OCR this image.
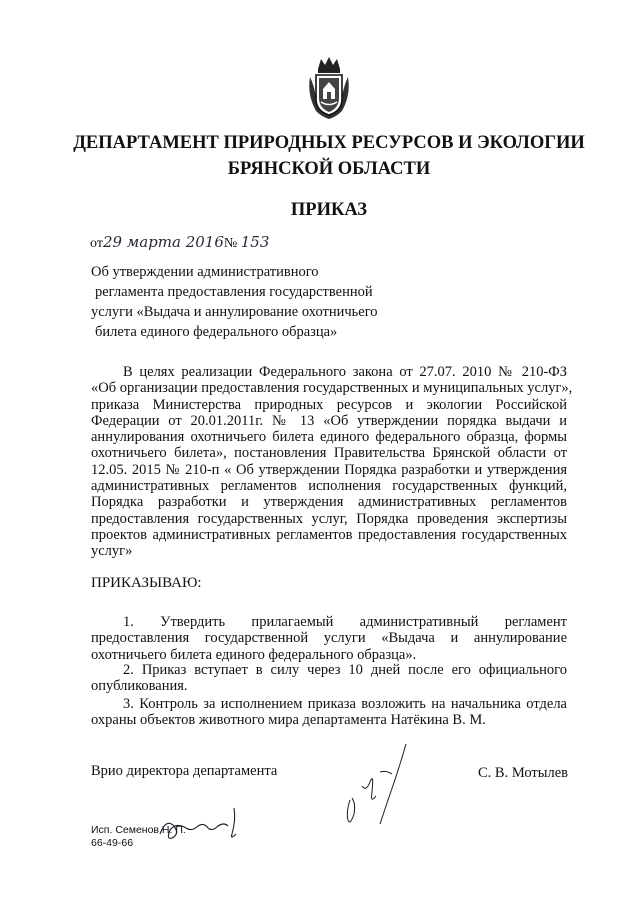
ДЕПАРТАМЕНТ ПРИРОДНЫХ РЕСУРСОВ И ЭКОЛОГИИ
БРЯНСКОЙ ОБЛАСТИ
ПРИКАЗ
от29 марта 2016№ 153
Об утверждении административного
регламента предоставления государственной
услуги «Выдача и аннулирование охотничьего
билета единого федерального образца»
В целях реализации Федерального закона от 27.07. 2010 № 210-ФЗ
«Об организации предоставления государственных и муниципальных услуг»,
приказа Министерства природных ресурсов и экологии Российской
Федерации от 20.01.2011г. № 13 «Об утверждении порядка выдачи и
аннулирования охотничьего билета единого федерального образца, формы
охотничьего билета», постановления Правительства Брянской области от
12.05. 2015 № 210-п « Об утверждении Порядка разработки и утверждения
административных регламентов исполнения государственных функций,
Порядка разработки и утверждения административных регламентов
предоставления государственных услуг, Порядка проведения экспертизы
проектов административных регламентов предоставления государственных
услуг»
ПРИКАЗЫВАЮ:
1. Утвердить прилагаемый административный регламент
предоставления государственной услуги «Выдача и аннулирование
охотничьего билета единого федерального образца».
2. Приказ вступает в силу через 10 дней после его официального
опубликования.
3. Контроль за исполнением приказа возложить на начальника отдела
охраны объектов животного мира департамента Натёкина В. М.
Врио директора департамента	С. В. Мотылев
Исп. Семенов Н. П.
66-49-66
